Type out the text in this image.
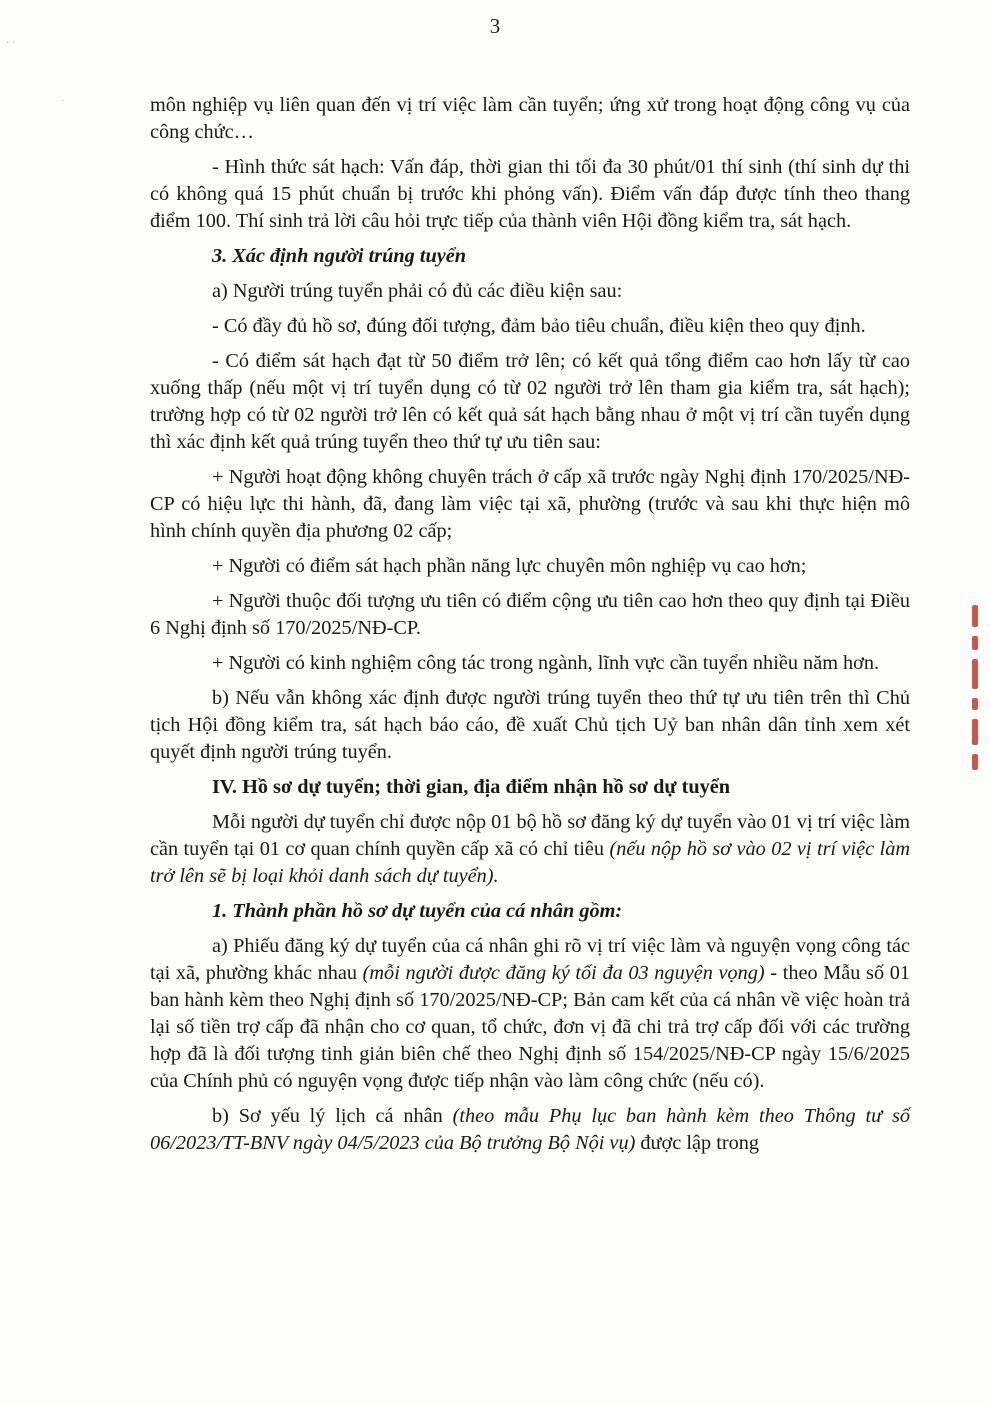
3
· ·
·	môn nghiệp vụ liên quan đến vị trí việc làm cần tuyển; ứng xử trong hoạt động công vụ của công chức…

- Hình thức sát hạch: Vấn đáp, thời gian thi tối đa 30 phút/01 thí sinh (thí sinh dự thi có không quá 15 phút chuẩn bị trước khi phỏng vấn). Điểm vấn đáp được tính theo thang điểm 100. Thí sinh trả lời câu hỏi trực tiếp của thành viên Hội đồng kiểm tra, sát hạch.

3. Xác định người trúng tuyển

a) Người trúng tuyển phải có đủ các điều kiện sau:

- Có đầy đủ hồ sơ, đúng đối tượng, đảm bảo tiêu chuẩn, điều kiện theo quy định.

- Có điểm sát hạch đạt từ 50 điểm trở lên; có kết quả tổng điểm cao hơn lấy từ cao xuống thấp (nếu một vị trí tuyển dụng có từ 02 người trở lên tham gia kiểm tra, sát hạch); trường hợp có từ 02 người trở lên có kết quả sát hạch bằng nhau ở một vị trí cần tuyển dụng thì xác định kết quả trúng tuyển theo thứ tự ưu tiên sau:

+ Người hoạt động không chuyên trách ở cấp xã trước ngày Nghị định 170/2025/NĐ-CP có hiệu lực thi hành, đã, đang làm việc tại xã, phường (trước và sau khi thực hiện mô hình chính quyền địa phương 02 cấp;

+ Người có điểm sát hạch phần năng lực chuyên môn nghiệp vụ cao hơn;

+ Người thuộc đối tượng ưu tiên có điểm cộng ưu tiên cao hơn theo quy định tại Điều 6 Nghị định số 170/2025/NĐ-CP.

+ Người có kinh nghiệm công tác trong ngành, lĩnh vực cần tuyển nhiều năm hơn.

b) Nếu vẫn không xác định được người trúng tuyển theo thứ tự ưu tiên trên thì Chủ tịch Hội đồng kiểm tra, sát hạch báo cáo, đề xuất Chủ tịch Uỷ ban nhân dân tỉnh xem xét quyết định người trúng tuyển.

IV. Hồ sơ dự tuyển; thời gian, địa điểm nhận hồ sơ dự tuyển

Mỗi người dự tuyển chỉ được nộp 01 bộ hồ sơ đăng ký dự tuyển vào 01 vị trí việc làm cần tuyển tại 01 cơ quan chính quyền cấp xã có chỉ tiêu (nếu nộp hồ sơ vào 02 vị trí việc làm trở lên sẽ bị loại khỏi danh sách dự tuyển).

1. Thành phần hồ sơ dự tuyển của cá nhân gồm:

a) Phiếu đăng ký dự tuyển của cá nhân ghi rõ vị trí việc làm và nguyện vọng công tác tại xã, phường khác nhau (mỗi người được đăng ký tối đa 03 nguyện vọng) - theo Mẫu số 01 ban hành kèm theo Nghị định số 170/2025/NĐ-CP; Bản cam kết của cá nhân về việc hoàn trả lại số tiền trợ cấp đã nhận cho cơ quan, tổ chức, đơn vị đã chi trả trợ cấp đối với các trường hợp đã là đối tượng tinh giản biên chế theo Nghị định số 154/2025/NĐ-CP ngày 15/6/2025 của Chính phủ có nguyện vọng được tiếp nhận vào làm công chức (nếu có).

b) Sơ yếu lý lịch cá nhân (theo mẫu Phụ lục ban hành kèm theo Thông tư số 06/2023/TT-BNV ngày 04/5/2023 của Bộ trưởng Bộ Nội vụ) được lập trong
